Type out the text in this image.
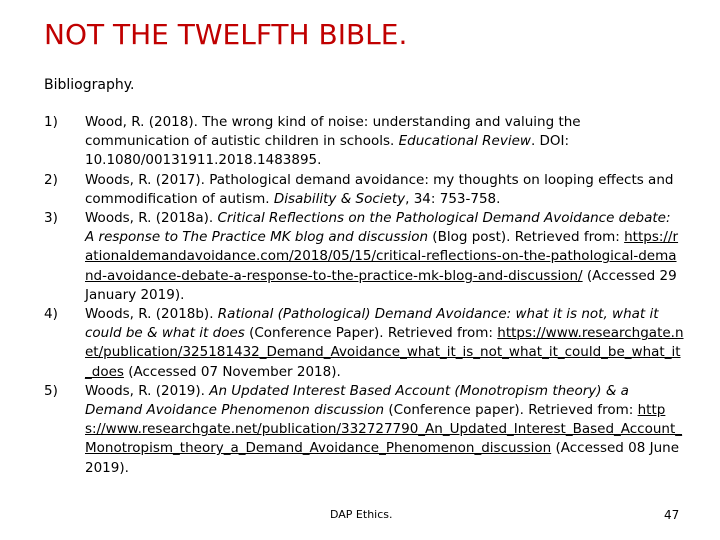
NOT THE TWELFTH BIBLE.
Bibliography.
1)	Wood, R. (2018). The wrong kind of noise: understanding and valuing the communication of autistic children in schools. Educational Review. DOI: 10.1080/00131911.2018.1483895.
2)	Woods, R. (2017). Pathological demand avoidance: my thoughts on looping effects and commodification of autism. Disability & Society, 34: 753-758.
3)	Woods, R. (2018a). Critical Reflections on the Pathological Demand Avoidance debate: A response to The Practice MK blog and discussion (Blog post). Retrieved from: https://rationaldemandavoidance.com/2018/05/15/critical-reflections-on-the-pathological-demand-avoidance-debate-a-response-to-the-practice-mk-blog-and-discussion/ (Accessed 29 January 2019).
4)	Woods, R. (2018b). Rational (Pathological) Demand Avoidance: what it is not, what it could be & what it does (Conference Paper). Retrieved from: https://www.researchgate.net/publication/325181432_Demand_Avoidance_what_it_is_not_what_it_could_be_what_it_does (Accessed 07 November 2018).
5)	Woods, R. (2019). An Updated Interest Based Account (Monotropism theory) & a Demand Avoidance Phenomenon discussion (Conference paper). Retrieved from: https://www.researchgate.net/publication/332727790_An_Updated_Interest_Based_Account_Monotropism_theory_a_Demand_Avoidance_Phenomenon_discussion (Accessed 08 June 2019).
DAP Ethics.	47
